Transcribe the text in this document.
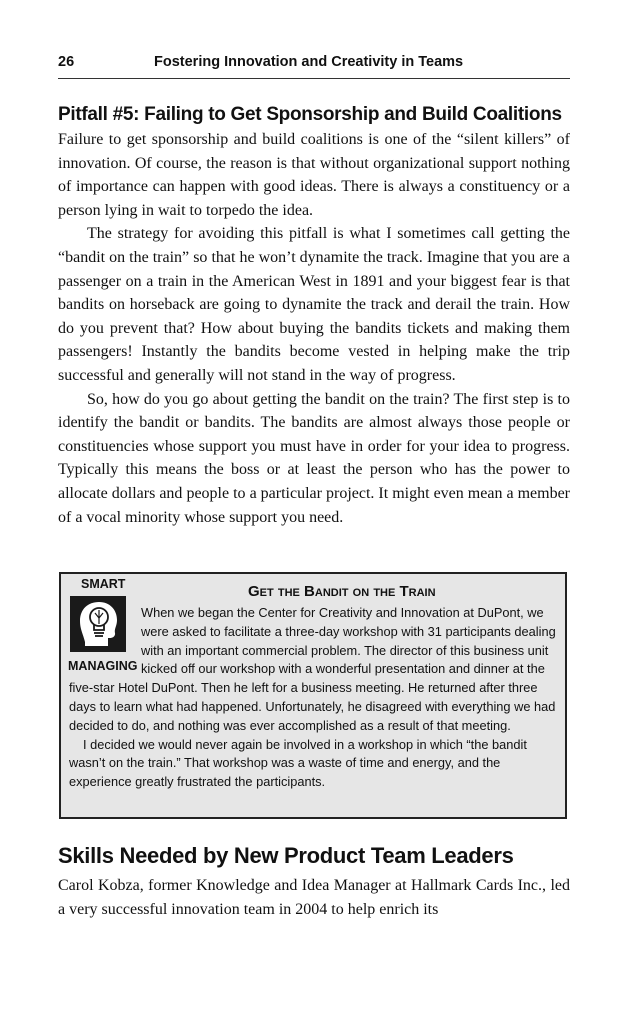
26	Fostering Innovation and Creativity in Teams
Pitfall #5: Failing to Get Sponsorship and Build Coalitions

Failure to get sponsorship and build coalitions is one of the “silent killers” of innovation. Of course, the reason is that without organizational support nothing of importance can happen with good ideas. There is always a constituency or a person lying in wait to torpedo the idea.

The strategy for avoiding this pitfall is what I sometimes call getting the “bandit on the train” so that he won’t dynamite the track. Imagine that you are a passenger on a train in the American West in 1891 and your biggest fear is that bandits on horseback are going to dynamite the track and derail the train. How do you prevent that? How about buying the bandits tickets and making them passengers! Instantly the bandits become vested in helping make the trip successful and generally will not stand in the way of progress.

So, how do you go about getting the bandit on the train? The first step is to identify the bandit or bandits. The bandits are almost always those people or constituencies whose support you must have in order for your idea to progress. Typically this means the boss or at least the person who has the power to allocate dollars and people to a particular project. It might even mean a member of a vocal minority whose support you need.

SMART
MANAGING
Get the Bandit on the Train

When we began the Center for Creativity and Innovation at DuPont, we were asked to facilitate a three-day workshop with 31 participants dealing with an important commercial problem. The director of this business unit kicked off our workshop with a wonderful presentation and dinner at the five-star Hotel DuPont. Then he left for a business meeting. He returned after three days to learn what had happened. Unfortunately, he disagreed with everything we had decided to do, and nothing was ever accomplished as a result of that meeting.

I decided we would never again be involved in a workshop in which “the bandit wasn’t on the train.” That workshop was a waste of time and energy, and the experience greatly frustrated the participants.

Skills Needed by New Product Team Leaders

Carol Kobza, former Knowledge and Idea Manager at Hallmark Cards Inc., led a very successful innovation team in 2004 to help enrich its
